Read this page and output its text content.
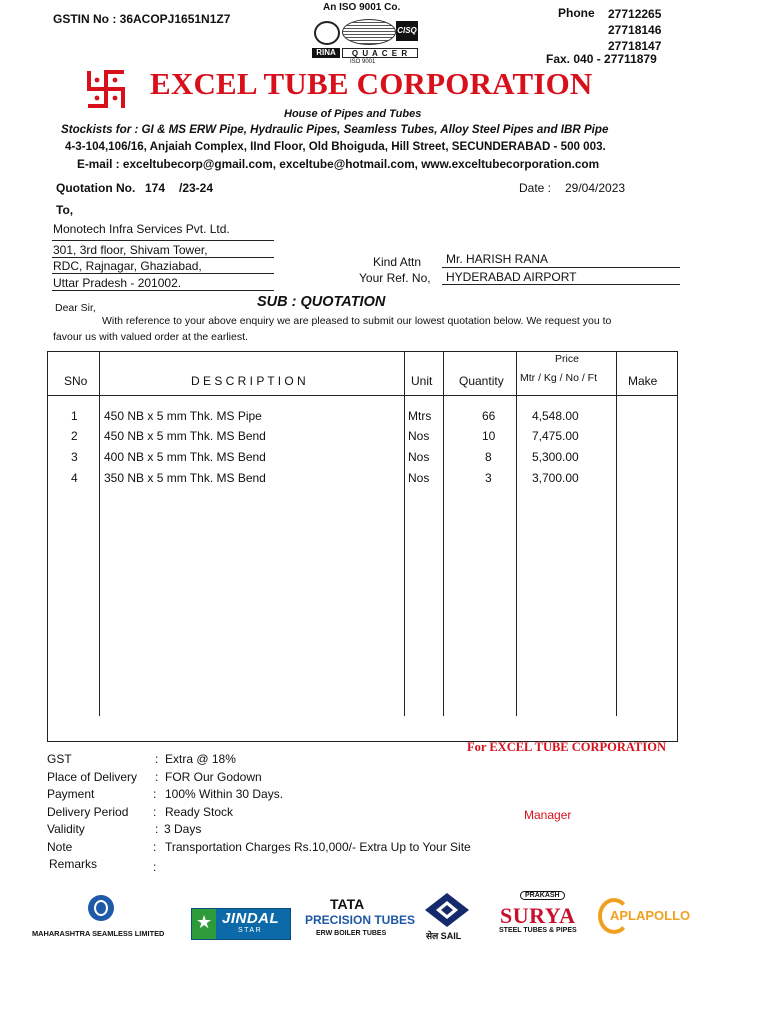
GSTIN No : 36ACOPJ1651N1Z7
An ISO 9001 Co.
CISQ
RINA	Q U A C E R
ISO 9001
Phone 27712265
27718146
27718147
Fax. 040 - 27711879
EXCEL TUBE CORPORATION
House of Pipes and Tubes
Stockists for : GI & MS ERW Pipe, Hydraulic Pipes, Seamless Tubes, Alloy Steel Pipes and IBR Pipe
4-3-104,106/16, Anjaiah Complex, IInd Floor, Old Bhoiguda, Hill Street, SECUNDERABAD - 500 003.
E-mail : exceltubecorp@gmail.com, exceltube@hotmail.com, www.exceltubecorporation.com
Quotation No. 174 /23-24	Date : 29/04/2023
To,
Monotech Infra Services Pvt. Ltd.
301, 3rd floor, Shivam Tower,
RDC, Rajnagar, Ghaziabad,
Uttar Pradesh - 201002.
Kind Attn Mr. HARISH RANA
Your Ref. No, HYDERABAD AIRPORT
Dear Sir,	SUB : QUOTATION
With reference to your above enquiry we are pleased to submit our lowest quotation below. We request you to
favour us with valued order at the earliest.
SNo	D E S C R I P T I O N	Unit Quantity
Price
Mtr / Kg / No / Ft	Make
1 450 NB x 5 mm Thk. MS Pipe	Mtrs	66	4,548.00
2 450 NB x 5 mm Thk. MS Bend	Nos	10	7,475.00
3 400 NB x 5 mm Thk. MS Bend	Nos	8	5,300.00
4 350 NB x 5 mm Thk. MS Bend	Nos	3	3,700.00
GST	: Extra @ 18%
Place of Delivery : FOR Our Godown
Payment	: 100% Within 30 Days.
Delivery Period : Ready Stock
Validity	: 3 Days
Note	: Transportation Charges Rs.10,000/- Extra Up to Your Site
Remarks	:
For EXCEL TUBE CORPORATION
Manager
MAHARASHTRA SEAMLESS LIMITED
★ JINDAL
STAR
TATA
PRECISION TUBES
ERW BOILER TUBES	सेल SAIL
PRAKASH
SURYA
STEEL TUBES & PIPES
APLAPOLLO
